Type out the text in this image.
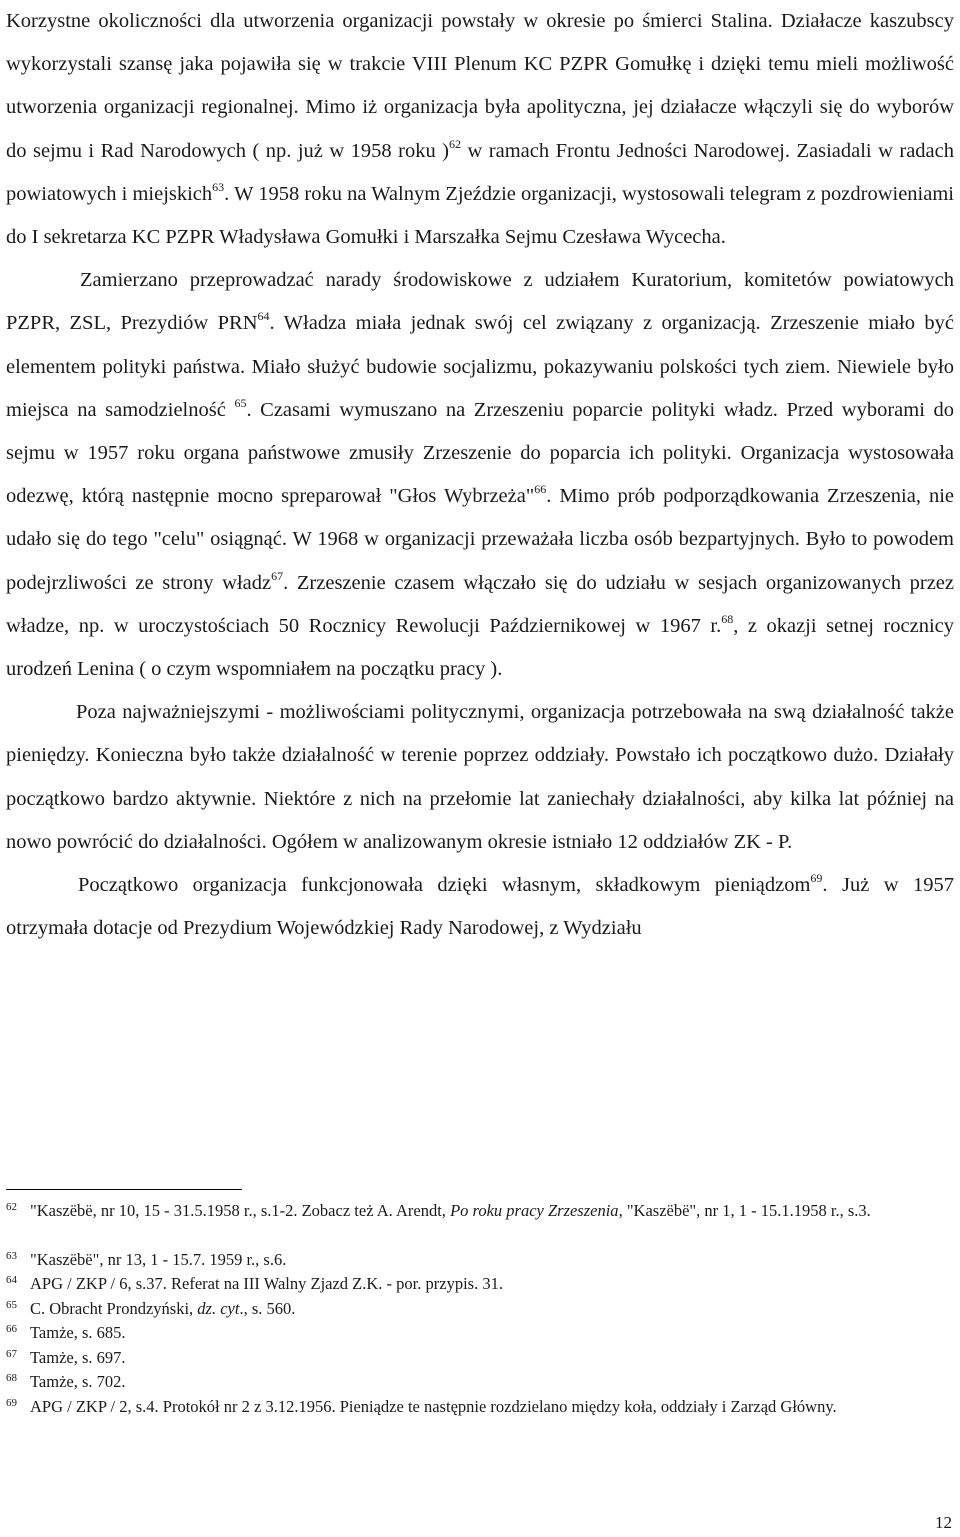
Korzystne okoliczności dla utworzenia organizacji powstały w okresie po śmierci Stalina. Działacze kaszubscy wykorzystali szansę jaka pojawiła się w trakcie VIII Plenum KC PZPR Gomułkę i dzięki temu mieli możliwość utworzenia organizacji regionalnej. Mimo iż organizacja była apolityczna, jej działacze włączyli się do wyborów do sejmu i Rad Narodowych ( np. już w 1958 roku )$^{62}$ w ramach Frontu Jedności Narodowej. Zasiadali w radach powiatowych i miejskich$^{63}$. W 1958 roku na Walnym Zjeździe organizacji, wystosowali telegram z pozdrowieniami do I sekretarza KC PZPR Władysława Gomułki i Marszałka Sejmu Czesława Wycecha.

Zamierzano przeprowadzać narady środowiskowe z udziałem Kuratorium, komitetów powiatowych PZPR, ZSL, Prezydiów PRN$^{64}$. Władza miała jednak swój cel związany z organizacją. Zrzeszenie miało być elementem polityki państwa. Miało służyć budowie socjalizmu, pokazywaniu polskości tych ziem. Niewiele było miejsca na samodzielność $^{65}$. Czasami wymuszano na Zrzeszeniu poparcie polityki władz. Przed wyborami do sejmu w 1957 roku organa państwowe zmusiły Zrzeszenie do poparcia ich polityki. Organizacja wystosowała odezwę, którą następnie mocno spreparował "Głos Wybrzeża"$^{66}$. Mimo prób podporządkowania Zrzeszenia, nie udało się do tego "celu" osiągnąć. W 1968 w organizacji przeważała liczba osób bezpartyjnych. Było to powodem podejrzliwości ze strony władz$^{67}$. Zrzeszenie czasem włączało się do udziału w sesjach organizowanych przez władze, np. w uroczystościach 50 Rocznicy Rewolucji Październikowej w 1967 r.$^{68}$, z okazji setnej rocznicy urodzeń Lenina ( o czym wspomniałem na początku pracy ).

Poza najważniejszymi - możliwościami politycznymi, organizacja potrzebowała na swą działalność także pieniędzy. Konieczna było także działalność w terenie poprzez oddziały. Powstało ich początkowo dużo. Działały początkowo bardzo aktywnie. Niektóre z nich na przełomie lat zaniechały działalności, aby kilka lat później na nowo powrócić do działalności. Ogółem w analizowanym okresie istniało 12 oddziałów ZK - P.

Początkowo organizacja funkcjonowała dzięki własnym, składkowym pieniądzom$^{69}$. Już w 1957 otrzymała dotacje od Prezydium Wojewódzkiej Rady Narodowej, z Wydziału

$^{62}$ "Kaszëbë, nr 10, 15 - 31.5.1958 r., s.1-2. Zobacz też A. Arendt, Po roku pracy Zrzeszenia, "Kaszëbë", nr 1, 1 - 15.1.1958 r., s.3.

$^{63}$ "Kaszëbë", nr 13, 1 - 15.7. 1959 r., s.6.

$^{64}$ APG / ZKP / 6, s.37. Referat na III Walny Zjazd Z.K. - por. przypis. 31.

$^{65}$ C. Obracht Prondzyński, dz. cyt., s. 560.

$^{66}$ Tamże, s. 685.

$^{67}$ Tamże, s. 697.

$^{68}$ Tamże, s. 702.

$^{69}$ APG / ZKP / 2, s.4. Protokół nr 2 z 3.12.1956. Pieniądze te następnie rozdzielano między koła, oddziały i Zarząd Główny.

12
